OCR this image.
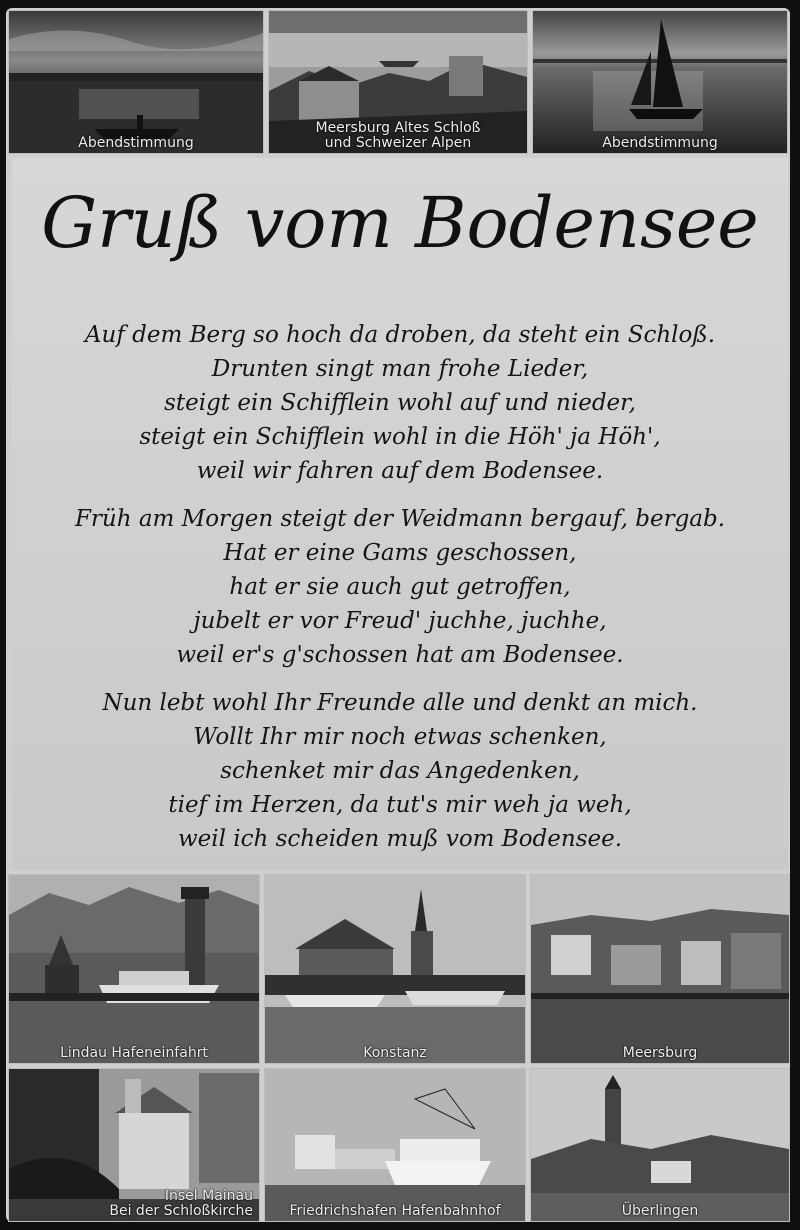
Abendstimmung
Meersburg Altes Schloß
und Schweizer Alpen	Abendstimmung
Gruß vom Bodensee
Auf dem Berg so hoch da droben, da steht ein Schloß.
Drunten singt man frohe Lieder,
steigt ein Schifflein wohl auf und nieder,
steigt ein Schifflein wohl in die Höh' ja Höh',
weil wir fahren auf dem Bodensee.
Früh am Morgen steigt der Weidmann bergauf, bergab.
Hat er eine Gams geschossen,
hat er sie auch gut getroffen,
jubelt er vor Freud' juchhe, juchhe,
weil er's g'schossen hat am Bodensee.
Nun lebt wohl Ihr Freunde alle und denkt an mich.
Wollt Ihr mir noch etwas schenken,
schenket mir das Angedenken,
tief im Herzen, da tut's mir weh ja weh,
weil ich scheiden muß vom Bodensee.
Lindau Hafeneinfahrt	Konstanz	Meersburg
Insel Mainau
Bei der Schloßkirche	Friedrichshafen Hafenbahnhof	Überlingen
